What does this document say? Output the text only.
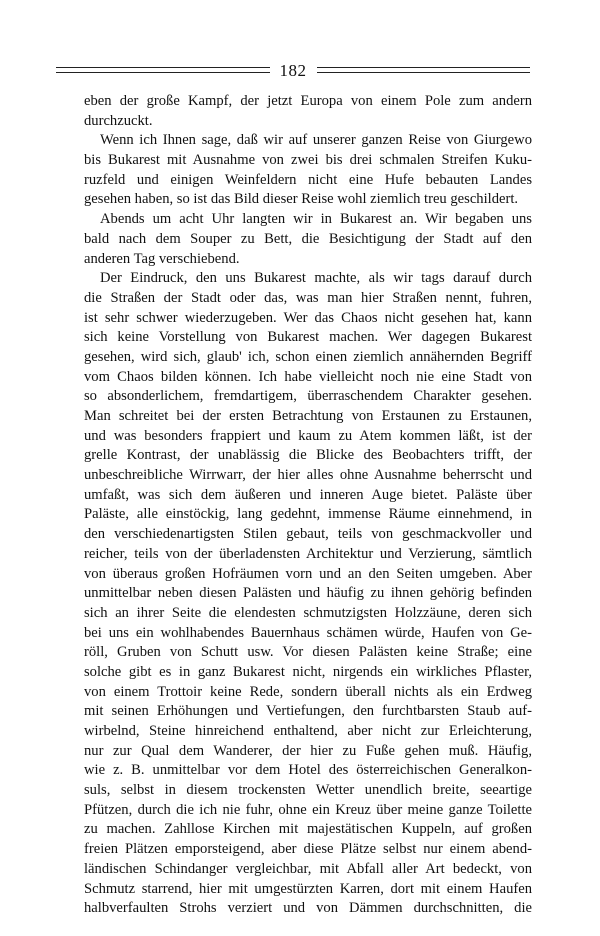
182
eben der große Kampf, der jetzt Europa von einem Pole zum andern
durchzuckt.
Wenn ich Ihnen sage, daß wir auf unserer ganzen Reise von Giurgewo
bis Bukarest mit Ausnahme von zwei bis drei schmalen Streifen Kuku-
ruzfeld und einigen Weinfeldern nicht eine Hufe bebauten Landes
gesehen haben, so ist das Bild dieser Reise wohl ziemlich treu geschildert.
Abends um acht Uhr langten wir in Bukarest an. Wir begaben uns
bald nach dem Souper zu Bett, die Besichtigung der Stadt auf den
anderen Tag verschiebend.
Der Eindruck, den uns Bukarest machte, als wir tags darauf durch
die Straßen der Stadt oder das, was man hier Straßen nennt, fuhren,
ist sehr schwer wiederzugeben. Wer das Chaos nicht gesehen hat, kann
sich keine Vorstellung von Bukarest machen. Wer dagegen Bukarest
gesehen, wird sich, glaub' ich, schon einen ziemlich annähernden Begriff
vom Chaos bilden können. Ich habe vielleicht noch nie eine Stadt von
so absonderlichem, fremdartigem, überraschendem Charakter gesehen.
Man schreitet bei der ersten Betrachtung von Erstaunen zu Erstaunen,
und was besonders frappiert und kaum zu Atem kommen läßt, ist der
grelle Kontrast, der unablässig die Blicke des Beobachters trifft, der
unbeschreibliche Wirrwarr, der hier alles ohne Ausnahme beherrscht und
umfaßt, was sich dem äußeren und inneren Auge bietet. Paläste über
Paläste, alle einstöckig, lang gedehnt, immense Räume einnehmend, in
den verschiedenartigsten Stilen gebaut, teils von geschmackvoller und
reicher, teils von der überladensten Architektur und Verzierung, sämtlich
von überaus großen Hofräumen vorn und an den Seiten umgeben. Aber
unmittelbar neben diesen Palästen und häufig zu ihnen gehörig befinden
sich an ihrer Seite die elendesten schmutzigsten Holzzäune, deren sich
bei uns ein wohlhabendes Bauernhaus schämen würde, Haufen von Ge-
röll, Gruben von Schutt usw. Vor diesen Palästen keine Straße; eine
solche gibt es in ganz Bukarest nicht, nirgends ein wirkliches Pflaster,
von einem Trottoir keine Rede, sondern überall nichts als ein Erdweg
mit seinen Erhöhungen und Vertiefungen, den furchtbarsten Staub auf-
wirbelnd, Steine hinreichend enthaltend, aber nicht zur Erleichterung,
nur zur Qual dem Wanderer, der hier zu Fuße gehen muß. Häufig,
wie z. B. unmittelbar vor dem Hotel des österreichischen Generalkon-
suls, selbst in diesem trockensten Wetter unendlich breite, seeartige
Pfützen, durch die ich nie fuhr, ohne ein Kreuz über meine ganze Toilette
zu machen. Zahllose Kirchen mit majestätischen Kuppeln, auf großen
freien Plätzen emporsteigend, aber diese Plätze selbst nur einem abend-
ländischen Schindanger vergleichbar, mit Abfall aller Art bedeckt, von
Schmutz starrend, hier mit umgestürzten Karren, dort mit einem Haufen
halbverfaulten Strohs verziert und von Dämmen durchschnitten, die
